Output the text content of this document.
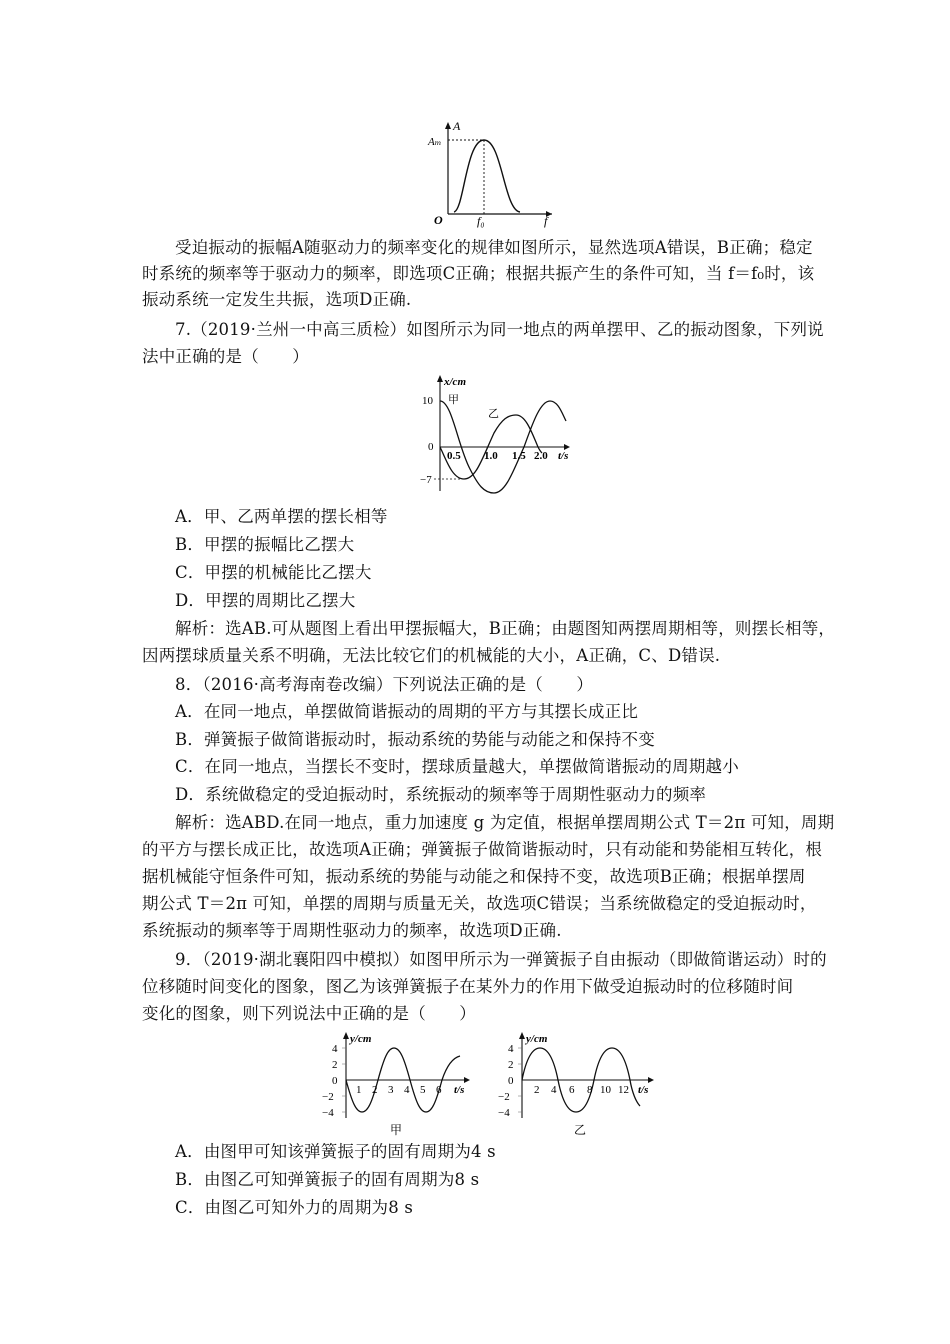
A
Aₘ
O	f₀	f
受迫振动的振幅A随驱动力的频率变化的规律如图所示，显然选项A错误，B正确；稳定
时系统的频率等于驱动力的频率，即选项C正确；根据共振产生的条件可知，当 f＝f₀时，该
振动系统一定发生共振，选项D正确.
7.（2019·兰州一中高三质检）如图所示为同一地点的两单摆甲、乙的振动图象，下列说
法中正确的是（　　）
x/cm
甲
乙
10
0
−7
0.5 1.0 1.5 2.0 t/s
A．甲、乙两单摆的摆长相等
B．甲摆的振幅比乙摆大
C．甲摆的机械能比乙摆大
D．甲摆的周期比乙摆大
解析：选AB.可从题图上看出甲摆振幅大，B正确；由题图知两摆周期相等，则摆长相等，
因两摆球质量关系不明确，无法比较它们的机械能的大小，A正确，C、D错误.
8．（2016·高考海南卷改编）下列说法正确的是（　　）
A．在同一地点，单摆做简谐振动的周期的平方与其摆长成正比
B．弹簧振子做简谐振动时，振动系统的势能与动能之和保持不变
C．在同一地点，当摆长不变时，摆球质量越大，单摆做简谐振动的周期越小
D．系统做稳定的受迫振动时，系统振动的频率等于周期性驱动力的频率
解析：选ABD.在同一地点，重力加速度 g 为定值，根据单摆周期公式 T＝2π 可知，周期
的平方与摆长成正比，故选项A正确；弹簧振子做简谐振动时，只有动能和势能相互转化，根
据机械能守恒条件可知，振动系统的势能与动能之和保持不变，故选项B正确；根据单摆周
期公式 T＝2π 可知，单摆的周期与质量无关，故选项C错误；当系统做稳定的受迫振动时，
系统振动的频率等于周期性驱动力的频率，故选项D正确.
9．（2019·湖北襄阳四中模拟）如图甲所示为一弹簧振子自由振动（即做简谐运动）时的
位移随时间变化的图象，图乙为该弹簧振子在某外力的作用下做受迫振动时的位移随时间
变化的图象，则下列说法中正确的是（　　）
y/cm
4
2
0
−2
−4
1 2 3 4 5 6 t/s
甲
y/cm
4
2
0
−2
−4
2 4 6 8 10 12 t/s
乙
A．由图甲可知该弹簧振子的固有周期为4 s
B．由图乙可知弹簧振子的固有周期为8 s
C．由图乙可知外力的周期为8 s
